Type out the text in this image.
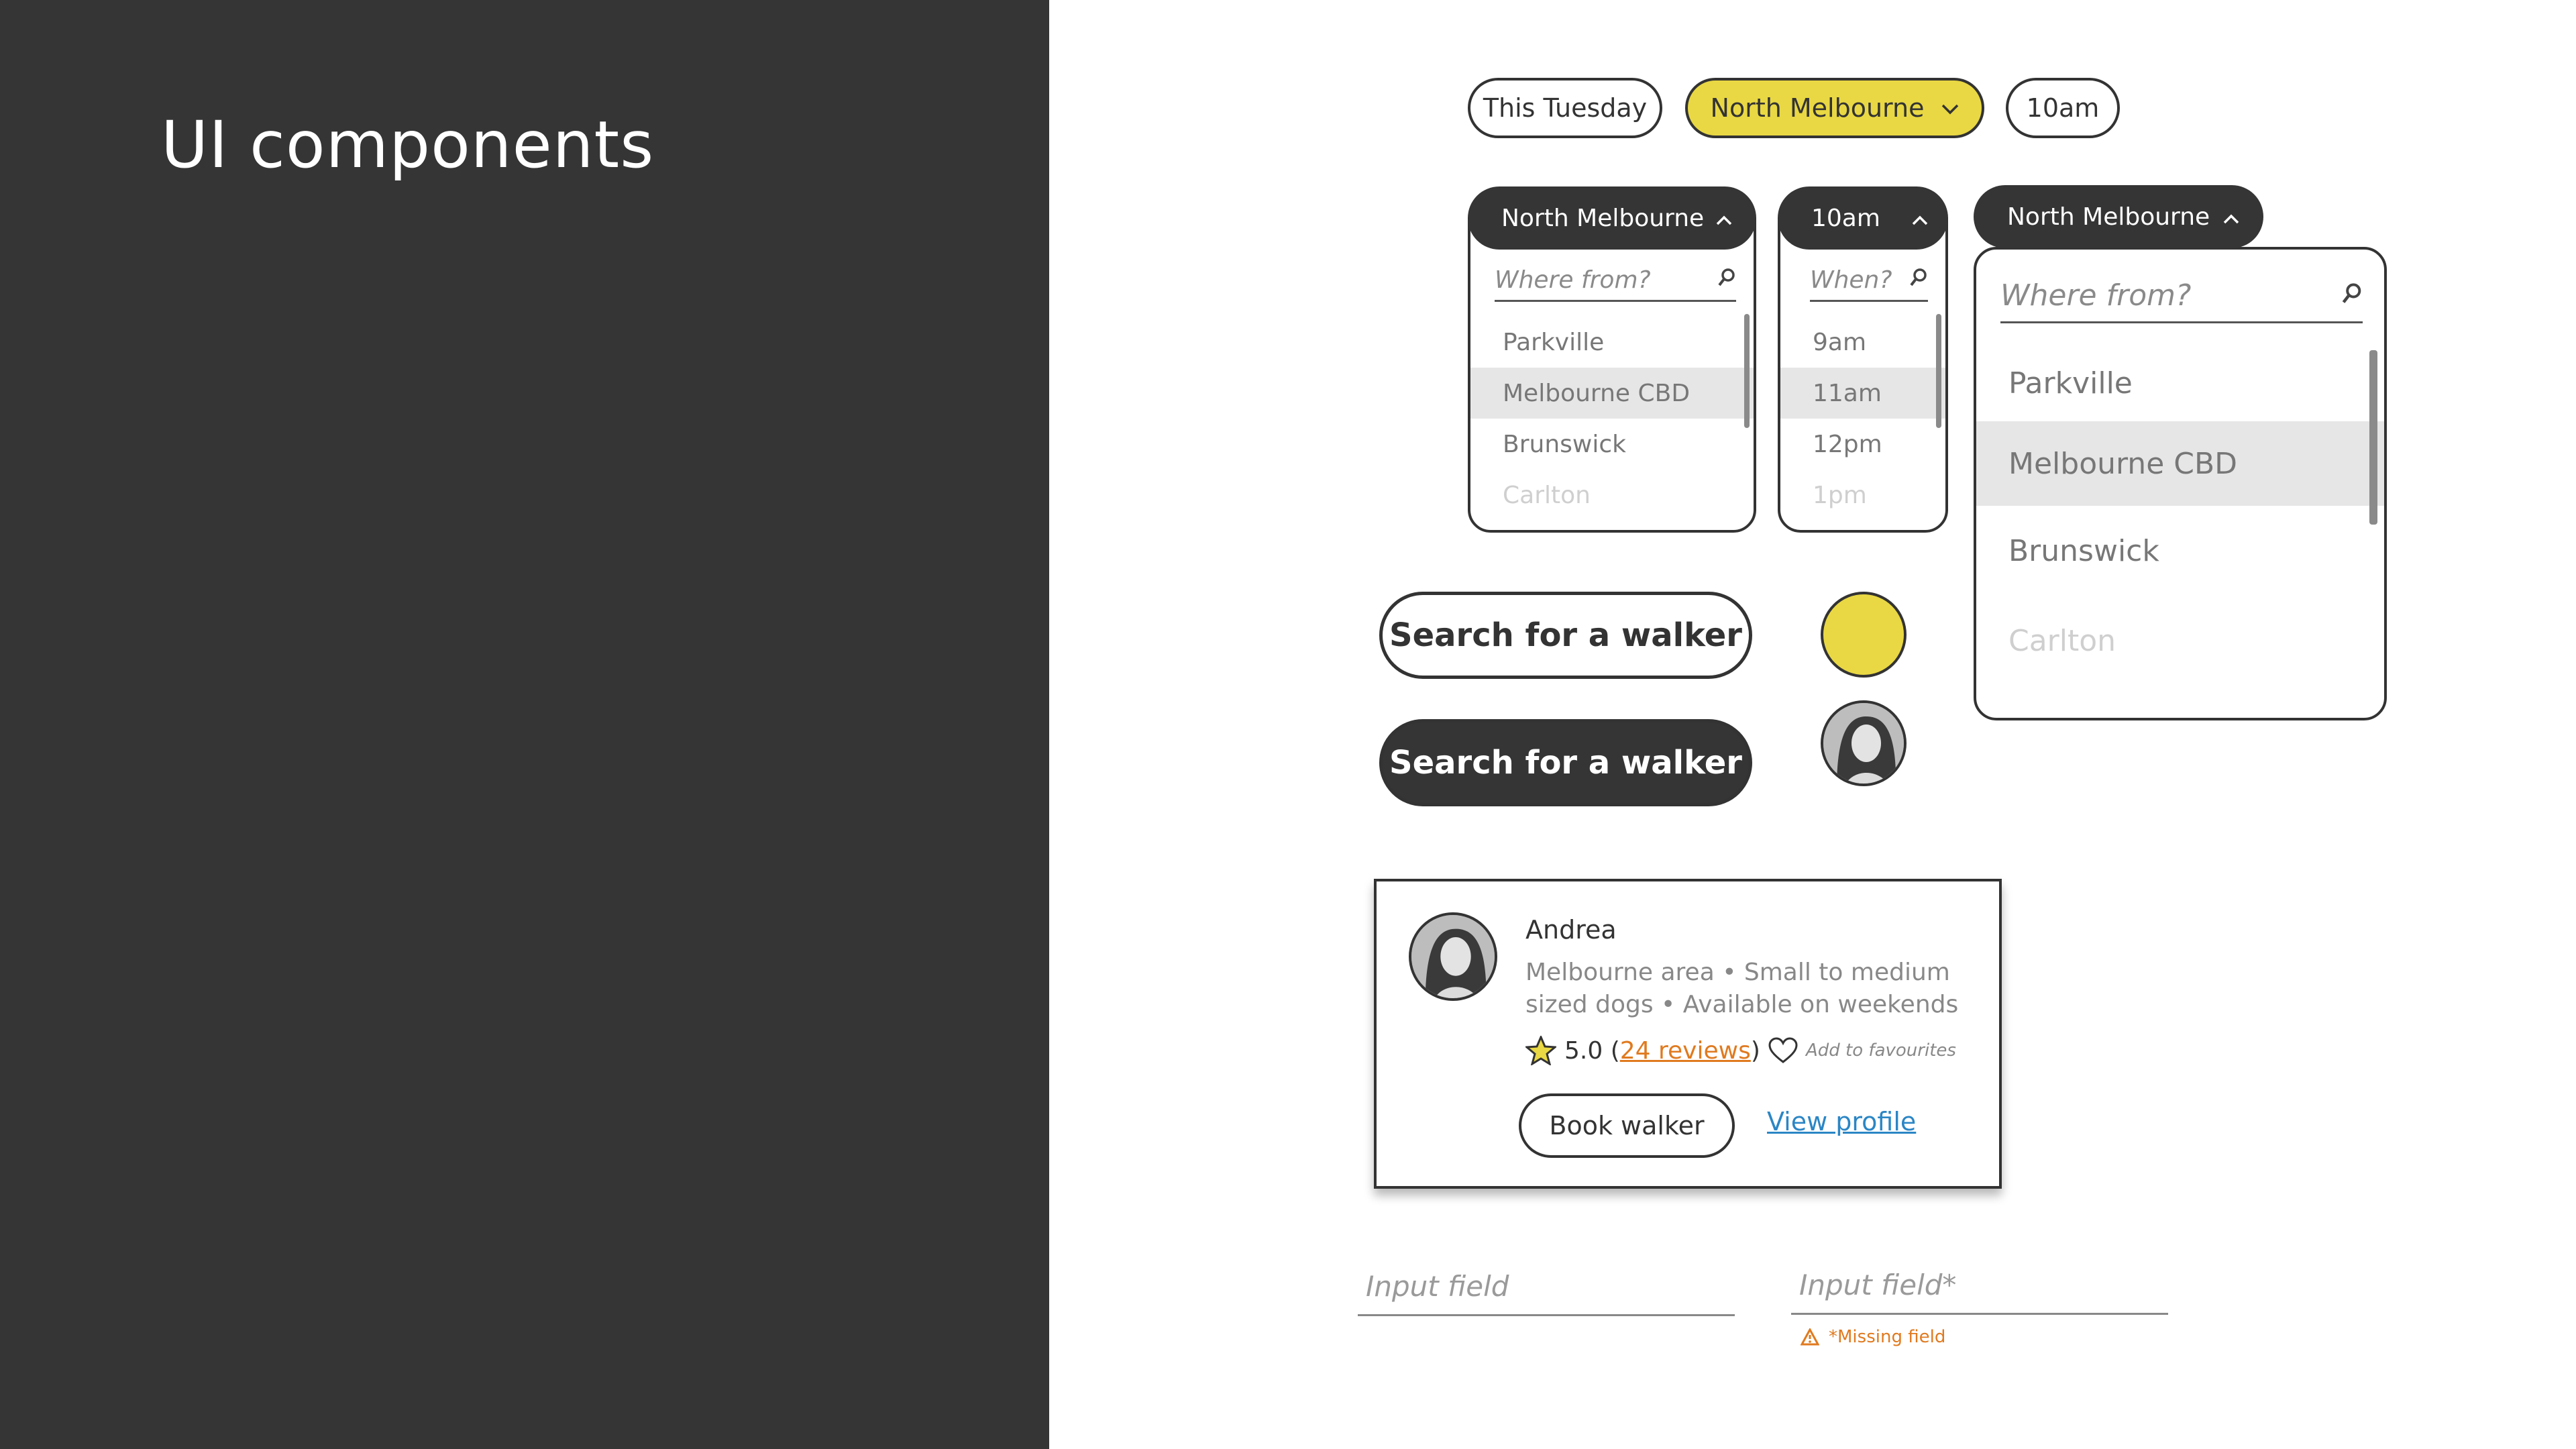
UI components	This Tuesday North Melbourne	10am
Where from?
Parkville
Melbourne CBD
Brunswick
Carlton
North Melbourne
When?
9am
11am
12pm
1pm
10am	North Melbourne
Where from?
Parkville
Melbourne CBD
Brunswick
Carlton
Search for a walker
Search for a walker
Andrea
Melbourne area • Small to medium
sized dogs • Available on weekends
5.0 ( 24 reviews )	Add to favourites
Book walker View profile
Input field
Input field*
*Missing field
